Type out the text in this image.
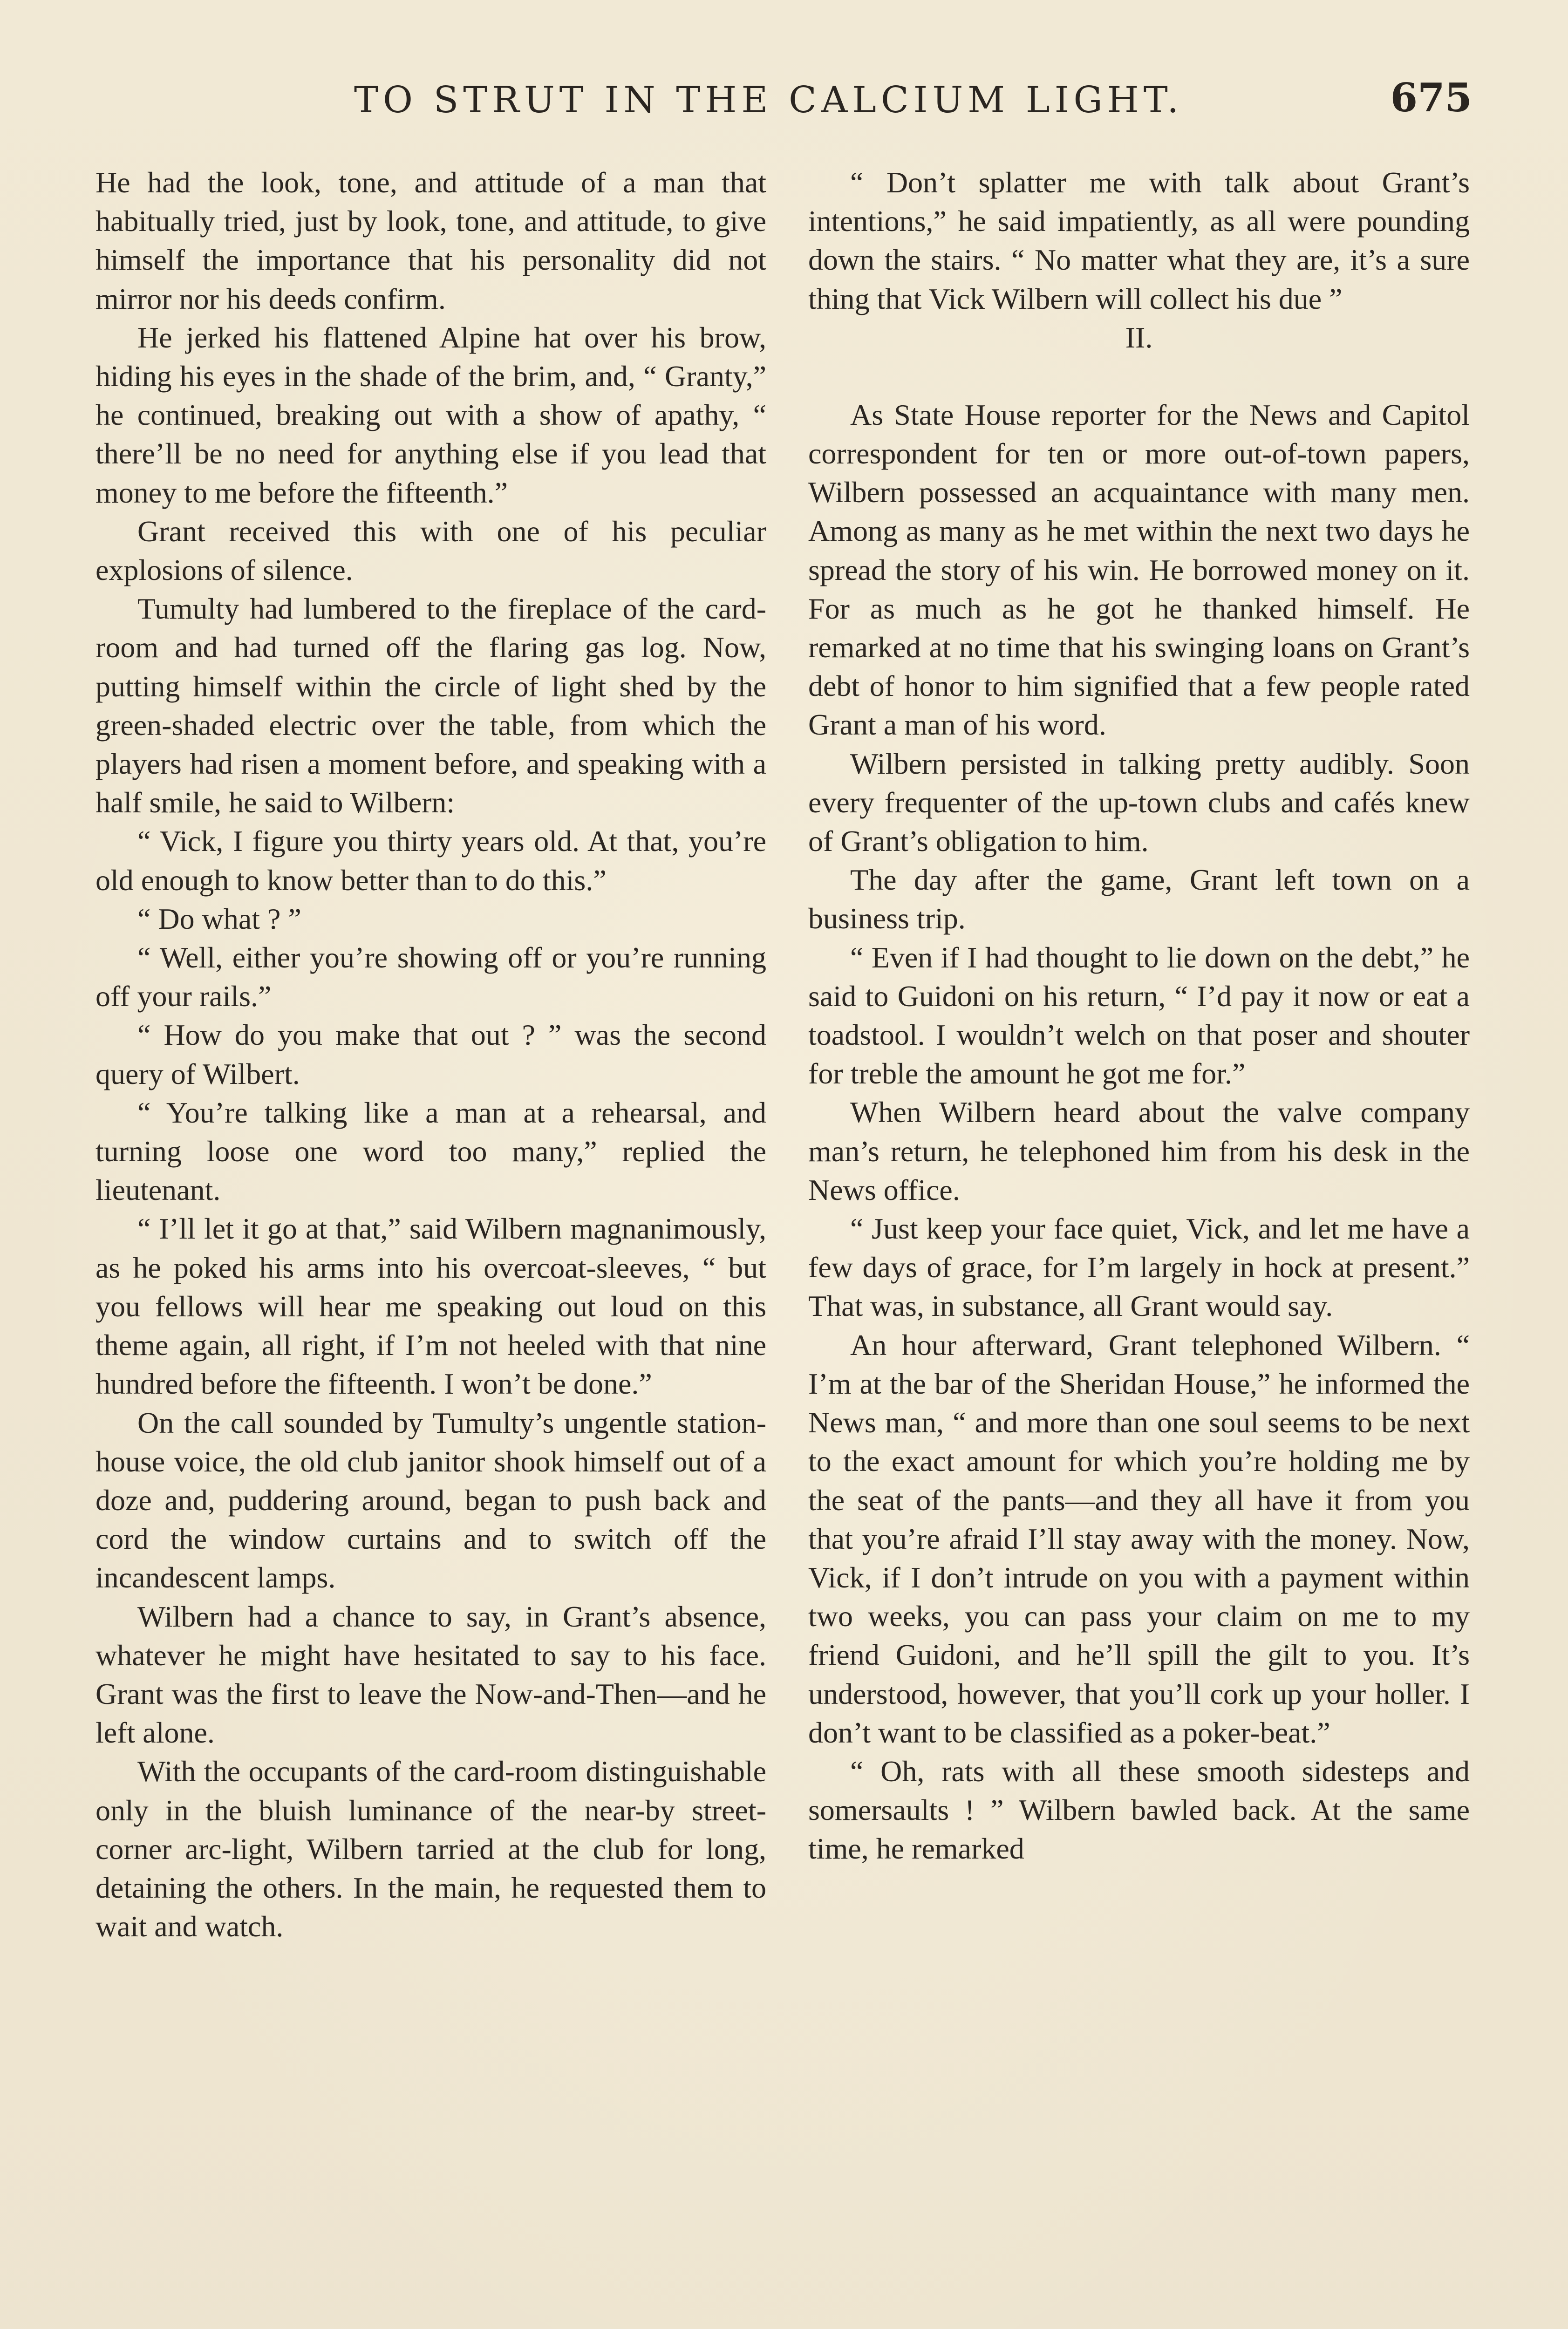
TO STRUT IN THE CALCIUM LIGHT.	675

He had the look, tone, and attitude of a man that habitually tried, just by look, tone, and attitude, to give himself the importance that his personality did not mirror nor his deeds confirm.

He jerked his flattened Alpine hat over his brow, hiding his eyes in the shade of the brim, and, “ Granty,” he continued, breaking out with a show of apathy, “ there’ll be no need for anything else if you lead that money to me before the fifteenth.”

Grant received this with one of his peculiar explosions of silence.

Tumulty had lumbered to the fireplace of the card-room and had turned off the flaring gas log. Now, putting himself within the circle of light shed by the green-shaded electric over the table, from which the players had risen a moment before, and speaking with a half smile, he said to Wilbern:

“ Vick, I figure you thirty years old. At that, you’re old enough to know better than to do this.”

“ Do what ? ”

“ Well, either you’re showing off or you’re running off your rails.”

“ How do you make that out ? ” was the second query of Wilbert.

“ You’re talking like a man at a rehearsal, and turning loose one word too many,” replied the lieutenant.

“ I’ll let it go at that,” said Wilbern magnanimously, as he poked his arms into his overcoat-sleeves, “ but you fellows will hear me speaking out loud on this theme again, all right, if I’m not heeled with that nine hundred before the fifteenth. I won’t be done.”

On the call sounded by Tumulty’s ungentle station-house voice, the old club janitor shook himself out of a doze and, puddering around, began to push back and cord the window curtains and to switch off the incandescent lamps.

Wilbern had a chance to say, in Grant’s absence, whatever he might have hesitated to say to his face. Grant was the first to leave the Now-and-Then—and he left alone.

With the occupants of the card-room distinguishable only in the bluish luminance of the near-by street-corner arc-light, Wilbern tarried at the club for long, detaining the others. In the main, he requested them to wait and watch.

“ Don’t splatter me with talk about Grant’s intentions,” he said impatiently, as all were pounding down the stairs. “ No matter what they are, it’s a sure thing that Vick Wilbern will collect his due ”

II.

As State House reporter for the News and Capitol correspondent for ten or more out-of-town papers, Wilbern possessed an acquaintance with many men. Among as many as he met within the next two days he spread the story of his win. He borrowed money on it. For as much as he got he thanked himself. He remarked at no time that his swinging loans on Grant’s debt of honor to him signified that a few people rated Grant a man of his word.

Wilbern persisted in talking pretty audibly. Soon every frequenter of the up-town clubs and cafés knew of Grant’s obligation to him.

The day after the game, Grant left town on a business trip.

“ Even if I had thought to lie down on the debt,” he said to Guidoni on his return, “ I’d pay it now or eat a toadstool. I wouldn’t welch on that poser and shouter for treble the amount he got me for.”

When Wilbern heard about the valve company man’s return, he telephoned him from his desk in the News office.

“ Just keep your face quiet, Vick, and let me have a few days of grace, for I’m largely in hock at present.” That was, in substance, all Grant would say.

An hour afterward, Grant telephoned Wilbern. “ I’m at the bar of the Sheridan House,” he informed the News man, “ and more than one soul seems to be next to the exact amount for which you’re holding me by the seat of the pants—and they all have it from you that you’re afraid I’ll stay away with the money. Now, Vick, if I don’t intrude on you with a payment within two weeks, you can pass your claim on me to my friend Guidoni, and he’ll spill the gilt to you. It’s understood, however, that you’ll cork up your holler. I don’t want to be classified as a poker-beat.”

“ Oh, rats with all these smooth sidesteps and somersaults ! ” Wilbern bawled back. At the same time, he remarked
